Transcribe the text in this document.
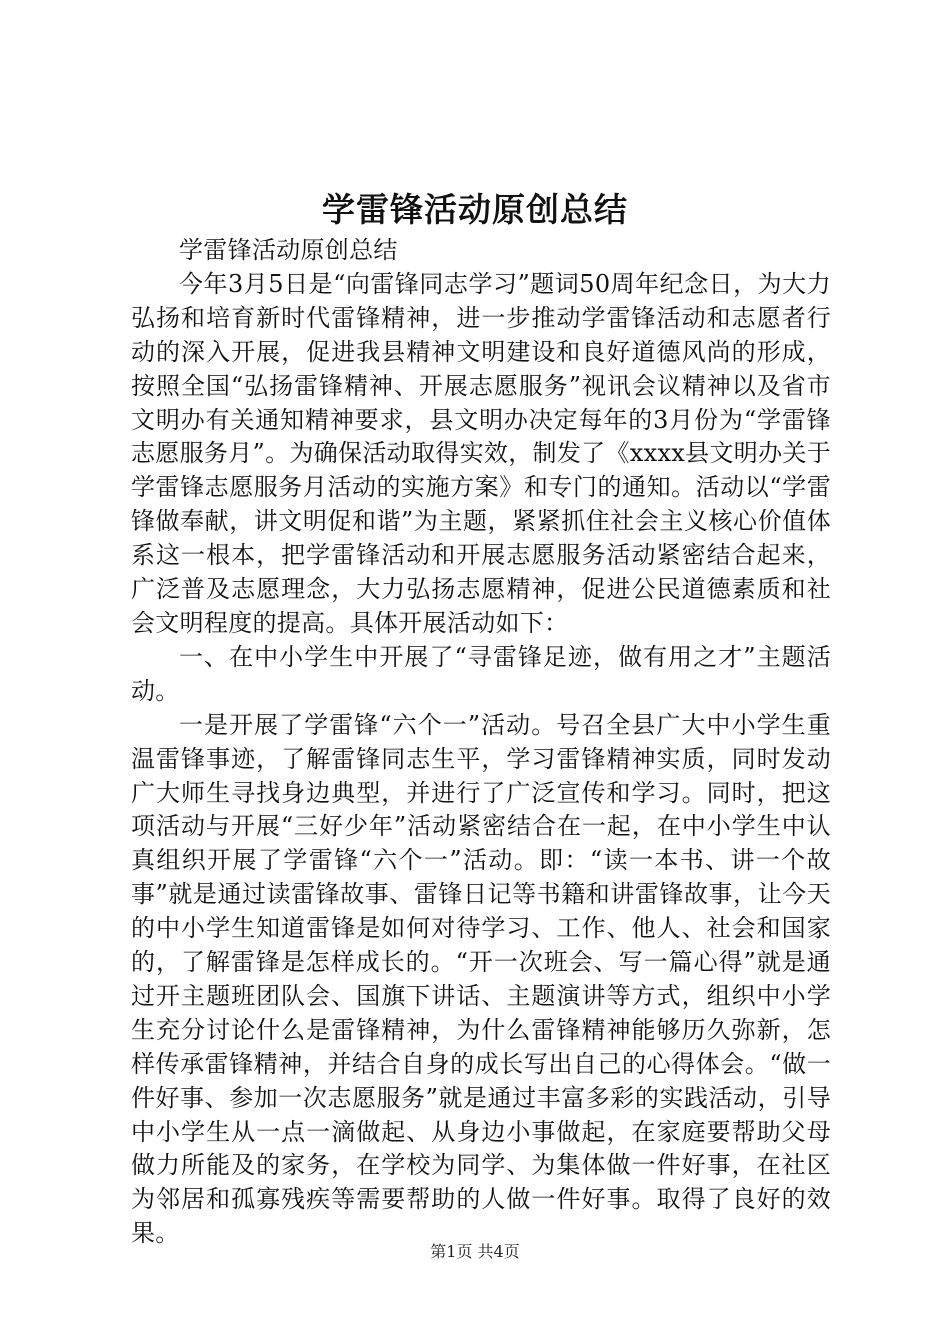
学雷锋活动原创总结

学雷锋活动原创总结

今年3月5日是“向雷锋同志学习”题词50周年纪念日，为大力弘扬和培育新时代雷锋精神，进一步推动学雷锋活动和志愿者行动的深入开展，促进我县精神文明建设和良好道德风尚的形成，按照全国“弘扬雷锋精神、开展志愿服务”视讯会议精神以及省市文明办有关通知精神要求，县文明办决定每年的3月份为“学雷锋志愿服务月”。为确保活动取得实效，制发了《xxxx县文明办关于学雷锋志愿服务月活动的实施方案》和专门的通知。活动以“学雷锋做奉献，讲文明促和谐”为主题，紧紧抓住社会主义核心价值体系这一根本，把学雷锋活动和开展志愿服务活动紧密结合起来，广泛普及志愿理念，大力弘扬志愿精神，促进公民道德素质和社会文明程度的提高。具体开展活动如下：

一、在中小学生中开展了“寻雷锋足迹，做有用之才”主题活动。

一是开展了学雷锋“六个一”活动。号召全县广大中小学生重温雷锋事迹，了解雷锋同志生平，学习雷锋精神实质，同时发动广大师生寻找身边典型，并进行了广泛宣传和学习。同时，把这项活动与开展“三好少年”活动紧密结合在一起，在中小学生中认真组织开展了学雷锋“六个一”活动。即：“读一本书、讲一个故事”就是通过读雷锋故事、雷锋日记等书籍和讲雷锋故事，让今天的中小学生知道雷锋是如何对待学习、工作、他人、社会和国家的，了解雷锋是怎样成长的。“开一次班会、写一篇心得”就是通过开主题班团队会、国旗下讲话、主题演讲等方式，组织中小学生充分讨论什么是雷锋精神，为什么雷锋精神能够历久弥新，怎样传承雷锋精神，并结合自身的成长写出自己的心得体会。“做一件好事、参加一次志愿服务”就是通过丰富多彩的实践活动，引导中小学生从一点一滴做起、从身边小事做起，在家庭要帮助父母做力所能及的家务，在学校为同学、为集体做一件好事，在社区为邻居和孤寡残疾等需要帮助的人做一件好事。取得了良好的效果。

第1页 共4页
